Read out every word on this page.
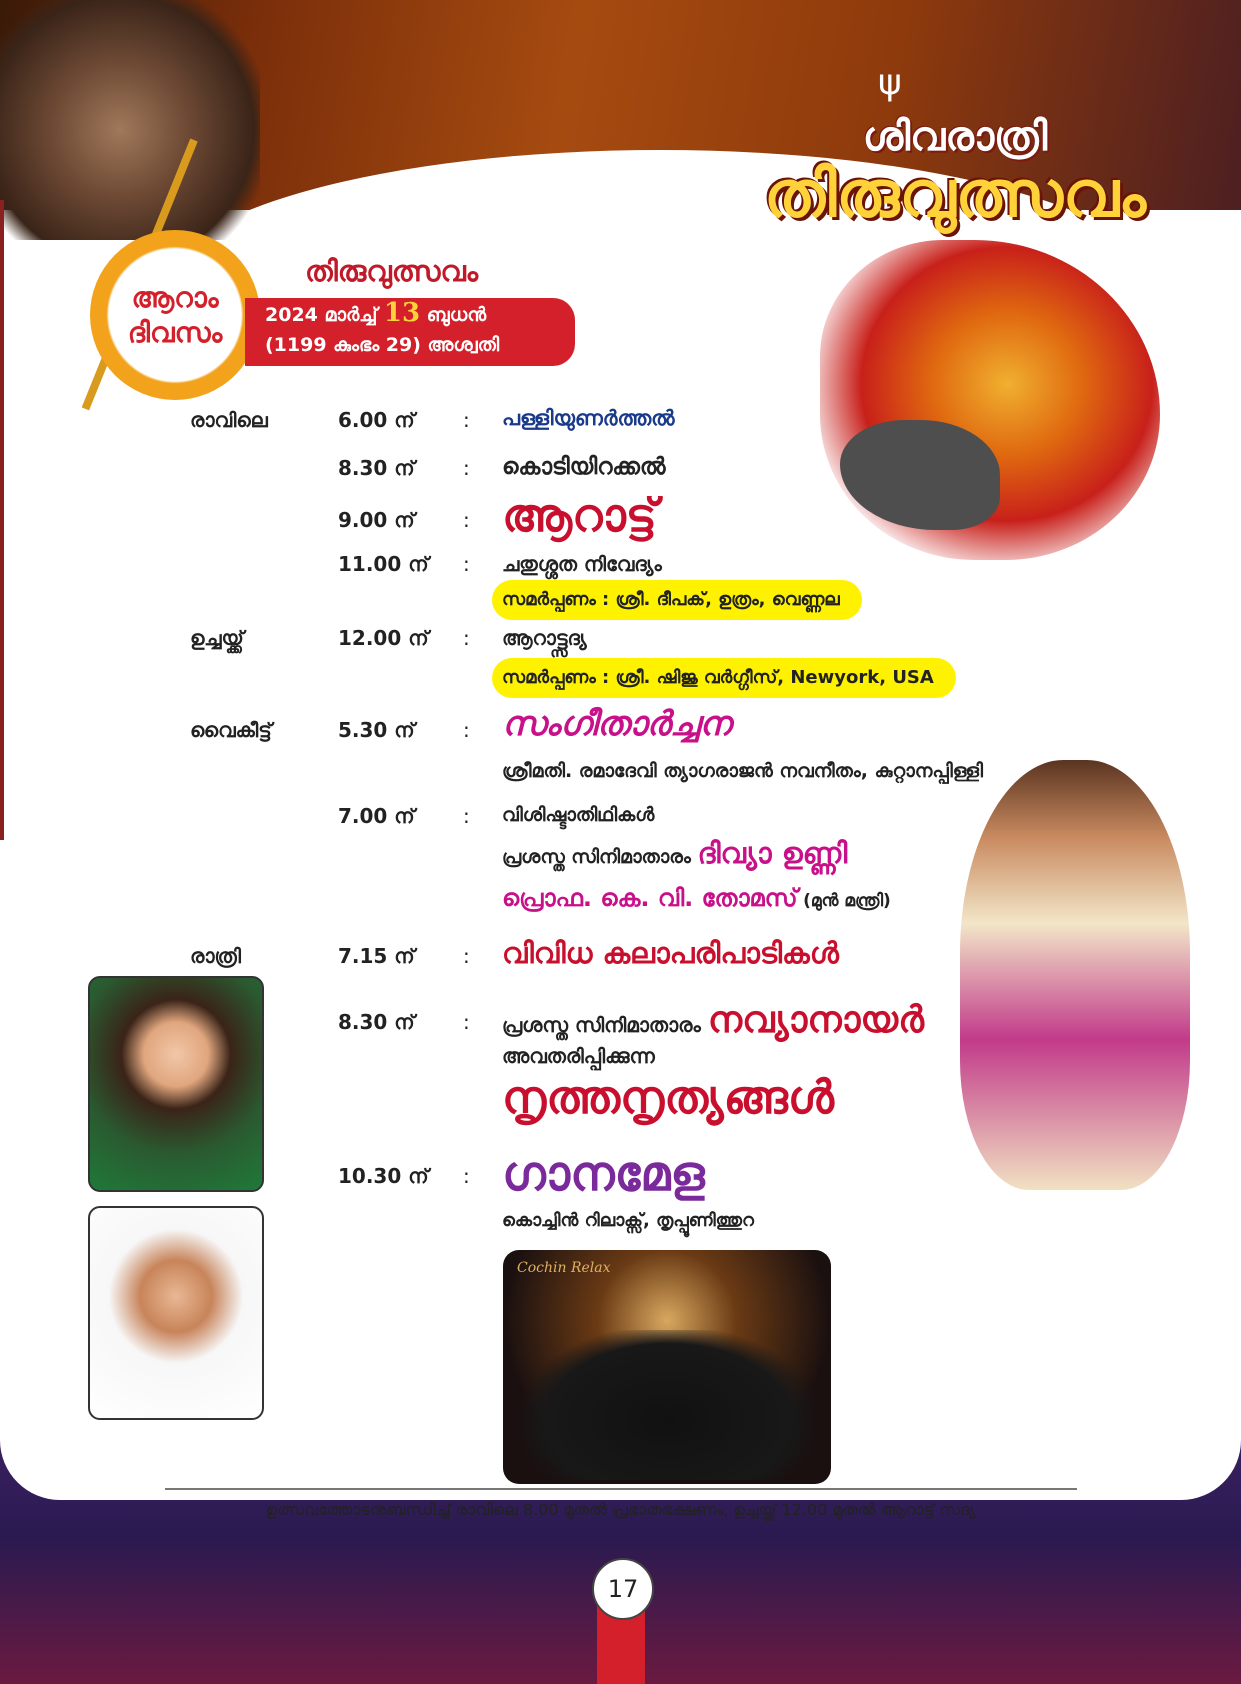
ψ
ശിവരാത്രി
തിരുവുത്സവം
ആറാം
ദിവസം
തിരുവുത്സവം
2024 മാർച്ച് 13 ബുധൻ
(1199 കുംഭം 29) അശ്വതി
രാവിലെ	6.00 ന് : പള്ളിയുണർത്തൽ
8.30 ന് : കൊടിയിറക്കൽ
9.00 ന് : ആറാട്ട്
11.00 ന് : ചതുശ്ശത നിവേദ്യം
സമർപ്പണം : ശ്രീ. ദീപക്, ഉത്രം, വെണ്ണല
ഉച്ചയ്ക്ക്	12.00 ന് : ആറാട്ട്സദ്യ
സമർപ്പണം : ശ്രീ. ഷിജു വർഗ്ഗീസ്, Newyork, USA
വൈകീട്ട്	5.30 ന് : സംഗീതാർച്ചന
ശ്രീമതി. രമാദേവി ത്യാഗരാജൻ നവനീതം, കുറ്റാനപ്പിള്ളി
7.00 ന് : വിശിഷ്ടാതിഥികൾ
പ്രശസ്ത സിനിമാതാരം ദിവ്യാ ഉണ്ണി
പ്രൊഫ. കെ. വി. തോമസ് (മുൻ മന്ത്രി)
രാത്രി	7.15 ന് : വിവിധ കലാപരിപാടികൾ
8.30 ന് : പ്രശസ്ത സിനിമാതാരം നവ്യാനായർ
അവതരിപ്പിക്കുന്ന
നൃത്തനൃത്യങ്ങൾ
10.30 ന് : ഗാനമേള
കൊച്ചിൻ റിലാക്സ്, തൃപ്പൂണിത്തുറ
Cochin Relax
ഉത്സവത്തോടനുബന്ധിച്ച് രാവിലെ 8.00 മുതൽ പ്രഭാതഭക്ഷണം, ഉച്ചയ്ക്ക് 12.00 മുതൽ ആറാട്ട് സദ്യ
17
